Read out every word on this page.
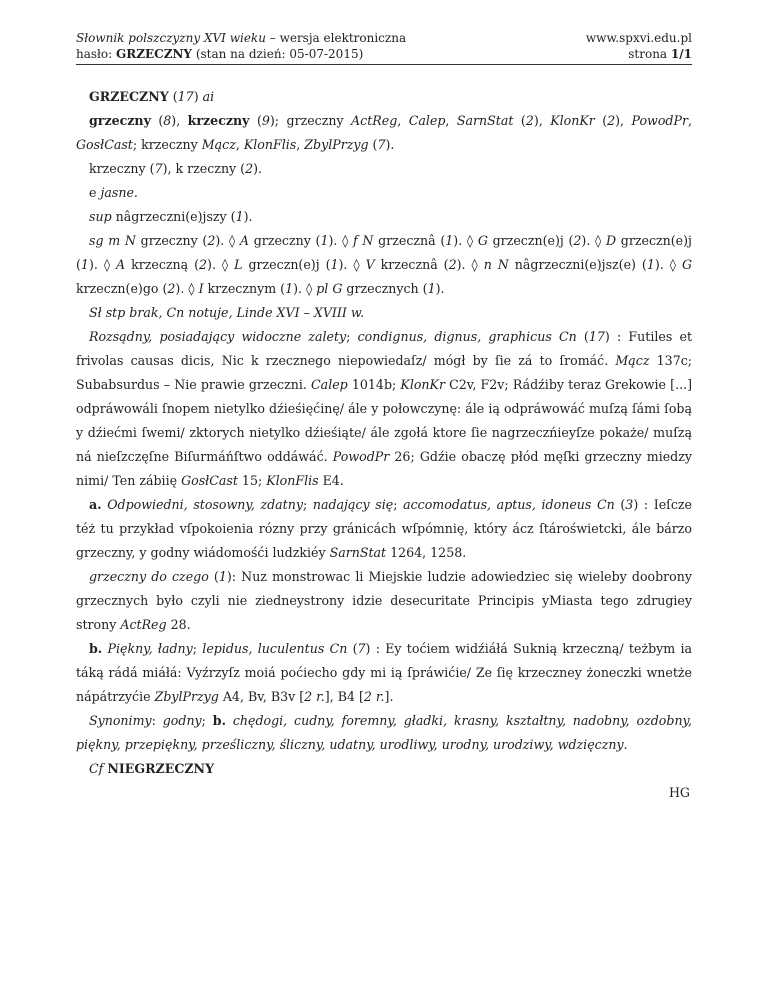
Słownik polszczyzny XVI wieku – wersja elektroniczna
hasło: GRZECZNY (stan na dzień: 05-07-2015)
www.spxvi.edu.pl
strona 1/1

GRZECZNY (17) ai

grzeczny (8), krzeczny (9); grzeczny ActReg, Calep, SarnStat (2), KlonKr (2), PowodPr, GosłCast; krzeczny Mącz, KlonFlis, ZbylPrzyg (7).

krzeczny (7), k rzeczny (2).

e jasne.

sup nâgrzeczni(e)jszy (1).

sg m N grzeczny (2). ◊ A grzeczny (1). ◊ f N grzecznâ (1). ◊ G grzeczn(e)j (2). ◊ D grzeczn(e)j (1). ◊ A krzeczną (2). ◊ L grzeczn(e)j (1). ◊ V krzecznâ (2). ◊ n N nâgrzeczni(e)jsz(e) (1). ◊ G krzeczn(e)go (2). ◊ I krzecznym (1). ◊ pl G grzecznych (1).

Sł stp brak, Cn notuje, Linde XVI – XVIII w.

Rozsądny, posiadający widoczne zalety; condignus, dignus, graphicus Cn (17) : Futiles et frivolas causas dicis, Nic k rzecznego niepowiedaſz/ mógł by ſie zá to ſromáć. Mącz 137c; Subabsurdus – Nie prawie grzeczni. Calep 1014b; KlonKr C2v, F2v; Rádźiby teraz Grekowie [...] odpráwowáli ſnopem nietylko dźieśięćinę/ ále y połowczynę: ále ią odpráwowáć muſzą ſámi ſobą y dźiećmi ſwemi/ zktorych nietylko dźieśiąte/ ále zgołá ktore ſie nagrzeczńieyſze pokaże/ muſzą ná nieſzczęſne Biſurmáńſtwo oddáwáć. PowodPr 26; Gdźie obaczę płód męſki grzeczny miedzy nimi/ Ten zábiię GosłCast 15; KlonFlis E4.

a. Odpowiedni, stosowny, zdatny; nadający się; accomodatus, aptus, idoneus Cn (3) : Ieſcze téż tu przykład vſpokoienia rózny przy gránicách wſpómnię, który ácz ſtároświetcki, ále bárzo grzeczny, y godny wiádomośći ludzkiéy SarnStat 1264, 1258.

grzeczny do czego (1): Nuz monstrowac li Miejskie ludzie adowiedziec się wieleby doobrony grzecznych było czyli nie ziedneystrony idzie desecuritate Principis yMiasta tego zdrugiey strony ActReg 28.

b. Piękny, ładny; lepidus, luculentus Cn (7) : Ey toćiem widźiáłá Suknią krzeczną/ teżbym ia táką rádá miáłá: Vyźrzyſz moiá poćiecho gdy mi ią ſpráwićie/ Ze ſię krzeczney żoneczki wnetże nápátrzyćie ZbylPrzyg A4, Bv, B3v [2 r.], B4 [2 r.].

Synonimy: godny; b. chędogi, cudny, foremny, gładki, krasny, kształtny, nadobny, ozdobny, piękny, przepiękny, prześliczny, śliczny, udatny, urodliwy, urodny, urodziwy, wdzięczny.

Cf NIEGRZECZNY

HG
